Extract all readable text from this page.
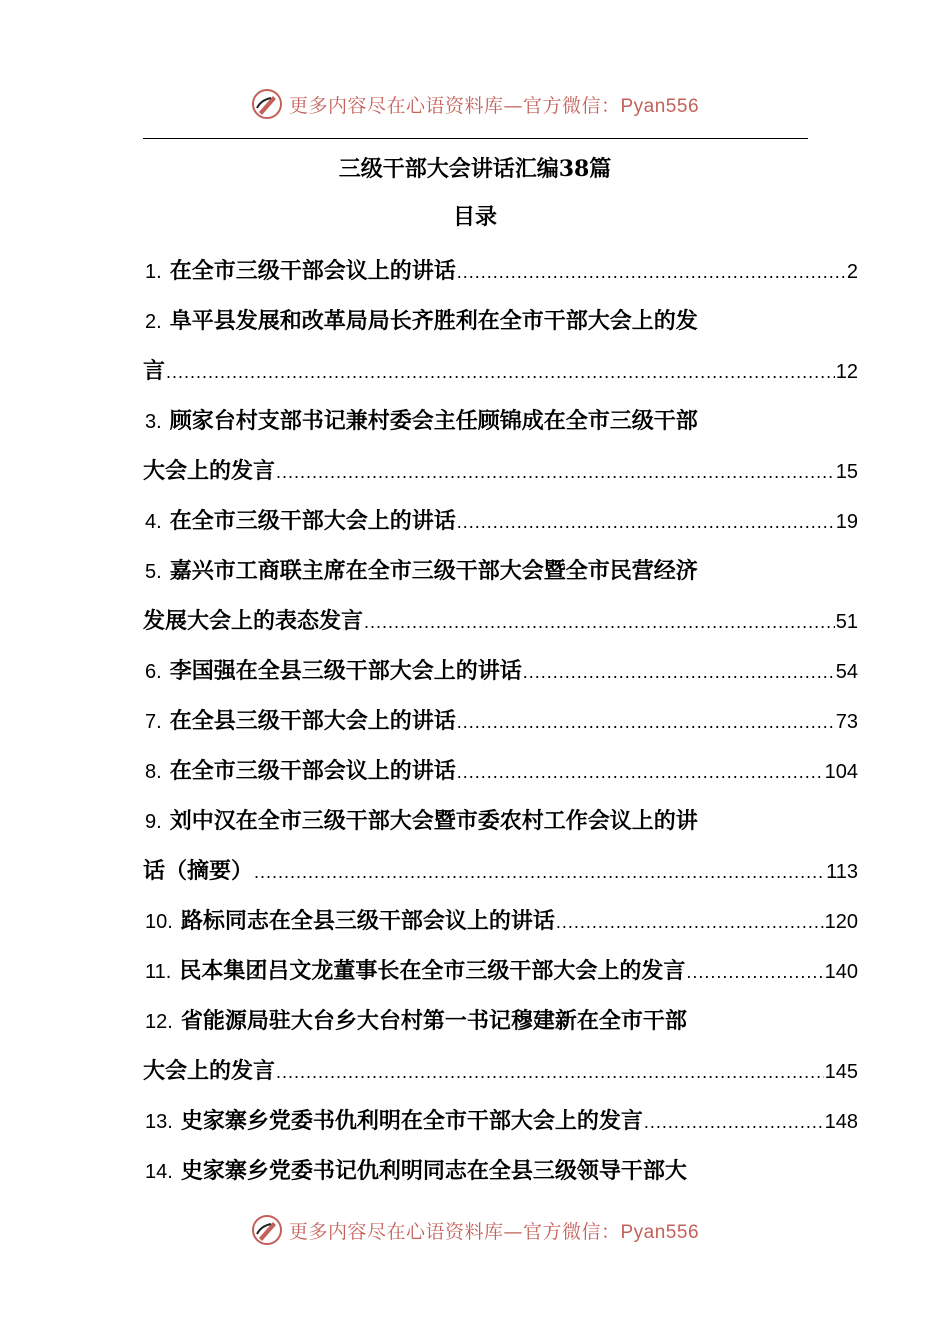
更多内容尽在心语资料库—官方微信：Pyan556
三级干部大会讲话汇编38篇
目录
1. 在全市三级干部会议上的讲话 .....	2
2. 阜平县发展和改革局局长齐胜利在全市干部大会上的发
言 .....	12
3. 顾家台村支部书记兼村委会主任顾锦成在全市三级干部
大会上的发言 .....	15
4. 在全市三级干部大会上的讲话 .....	19
5. 嘉兴市工商联主席在全市三级干部大会暨全市民营经济
发展大会上的表态发言 .....	51
6. 李国强在全县三级干部大会上的讲话 .....	54
7. 在全县三级干部大会上的讲话 .....	73
8. 在全市三级干部会议上的讲话 .....	104
9. 刘中汉在全市三级干部大会暨市委农村工作会议上的讲
话（摘要） .....	113
10. 路标同志在全县三级干部会议上的讲话 .....	120
11. 民本集团吕文龙董事长在全市三级干部大会上的发言 .....	140
12. 省能源局驻大台乡大台村第一书记穆建新在全市干部
大会上的发言 .....	145
13. 史家寨乡党委书仇利明在全市干部大会上的发言 .....	148
14. 史家寨乡党委书记仇利明同志在全县三级领导干部大
更多内容尽在心语资料库—官方微信：Pyan556
